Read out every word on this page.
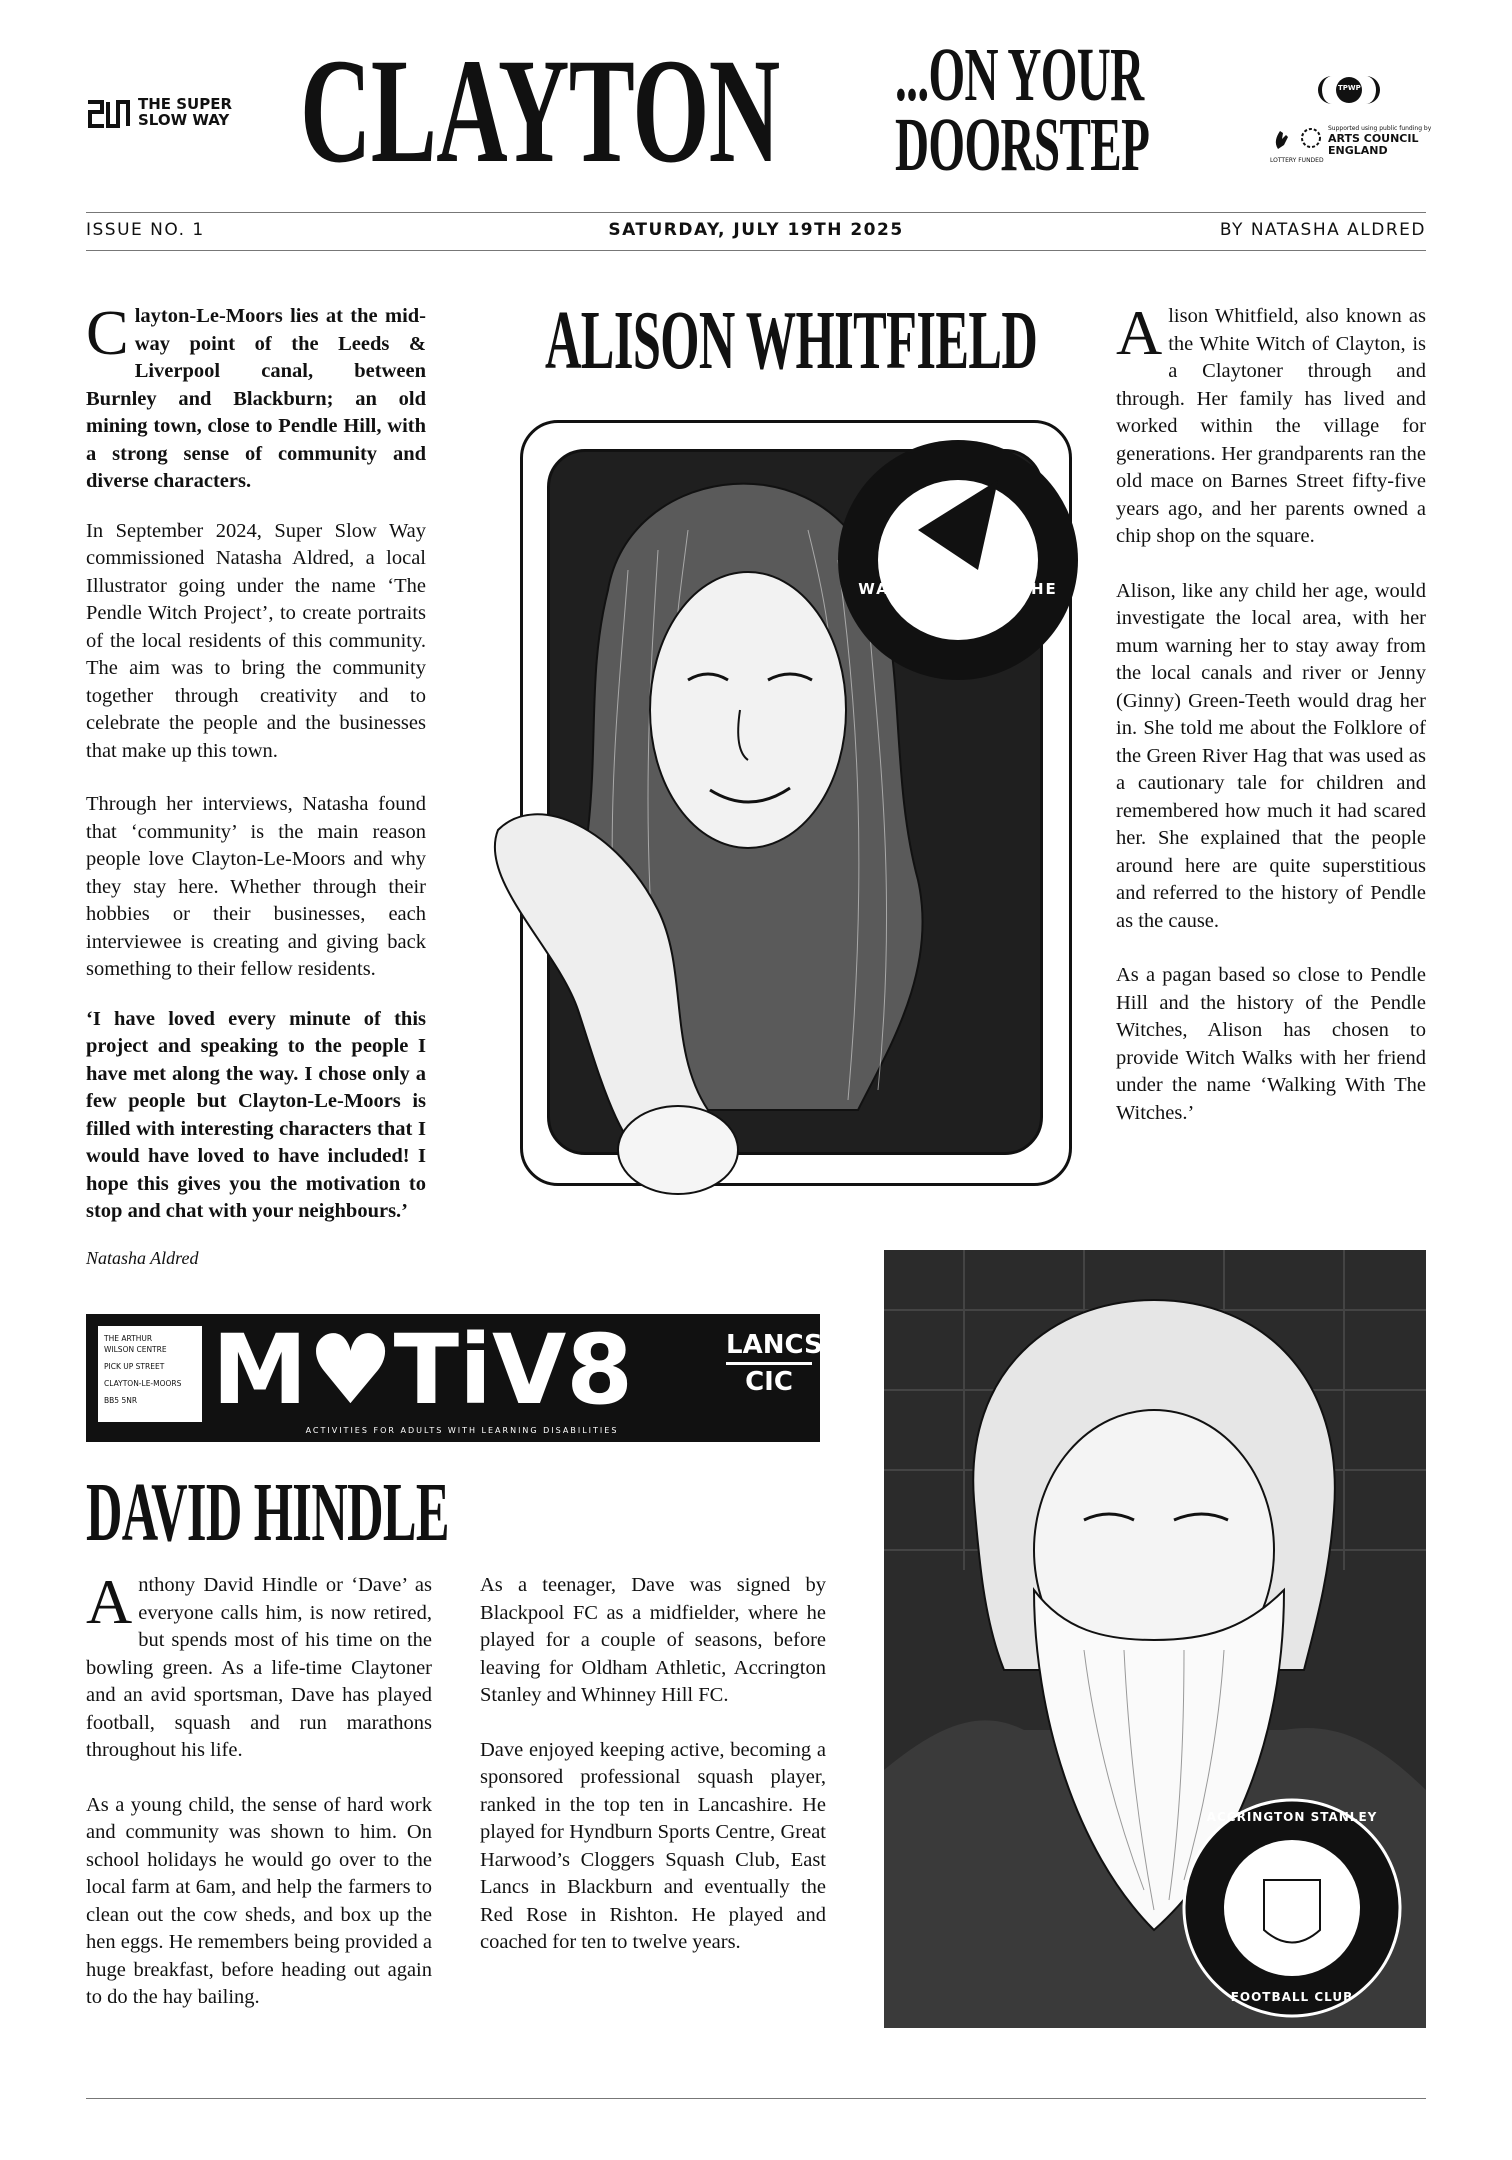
THE SUPER
SLOW WAY CLAYTON	...ON YOUR
DOORSTEP
TPWP
Supported using public funding by
ARTS COUNCIL
ENGLAND
LOTTERY FUNDED
ISSUE NO. 1	SATURDAY, JULY 19TH 2025	BY NATASHA ALDRED

Clayton-Le-Moors lies at the mid-way point of the Leeds & Liverpool canal, between Burnley and Blackburn; an old mining town, close to Pendle Hill, with a strong sense of community and diverse characters.

In September 2024, Super Slow Way commissioned Natasha Aldred, a local Illustrator going under the name ‘The Pendle Witch Project’, to create portraits of the local residents of this community. The aim was to bring the community together through creativity and to celebrate the people and the businesses that make up this town.

Through her interviews, Natasha found that ‘community’ is the main reason people love Clayton-Le-Moors and why they stay here. Whether through their hobbies or their businesses, each interviewee is creating and giving back something to their fellow residents.

‘I have loved every minute of this project and speaking to the people I have met along the way. I chose only a few people but Clayton-Le-Moors is filled with interesting characters that I would have loved to have included! I hope this gives you the motivation to stop and chat with your neighbours.’

Natasha Aldred

ALISON WHITFIELD
WALKING WITH THE WITCHES

Alison Whitfield, also known as the White Witch of Clayton, is a Claytoner through and through. Her family has lived and worked within the village for generations. Her grandparents ran the old mace on Barnes Street fifty-five years ago, and her parents owned a chip shop on the square.

Alison, like any child her age, would investigate the local area, with her mum warning her to stay away from the local canals and river or Jenny (Ginny) Green-Teeth would drag her in. She told me about the Folklore of the Green River Hag that was used as a cautionary tale for children and remembered how much it had scared her. She explained that the people around here are quite superstitious and referred to the history of Pendle as the cause.

As a pagan based so close to Pendle Hill and the history of the Pendle Witches, Alison has chosen to provide Witch Walks with her friend under the name ‘Walking With The Witches.’

THE ARTHUR
WILSON CENTRE
PICK UP STREET
CLAYTON-LE-MOORS
BB5 5NR M♥TiV8	LANCS
CIC
ACTIVITIES FOR ADULTS WITH LEARNING DISABILITIES
DAVID HINDLE

Anthony David Hindle or ‘Dave’ as everyone calls him, is now retired, but spends most of his time on the bowling green. As a life-time Claytoner and an avid sportsman, Dave has played football, squash and run marathons throughout his life.

As a young child, the sense of hard work and community was shown to him. On school holidays he would go over to the local farm at 6am, and help the farmers to clean out the cow sheds, and box up the hen eggs. He remembers being provided a huge breakfast, before heading out again to do the hay bailing.

As a teenager, Dave was signed by Blackpool FC as a midfielder, where he played for a couple of seasons, before leaving for Oldham Athletic, Accrington Stanley and Whinney Hill FC.

Dave enjoyed keeping active, becoming a sponsored professional squash player, ranked in the top ten in Lancashire. He played for Hyndburn Sports Centre, Great Harwood’s Cloggers Squash Club, East Lancs in Blackburn and eventually the Red Rose in Rishton. He played and coached for ten to twelve years.

ACCRINGTON STANLEY
FOOTBALL CLUB
